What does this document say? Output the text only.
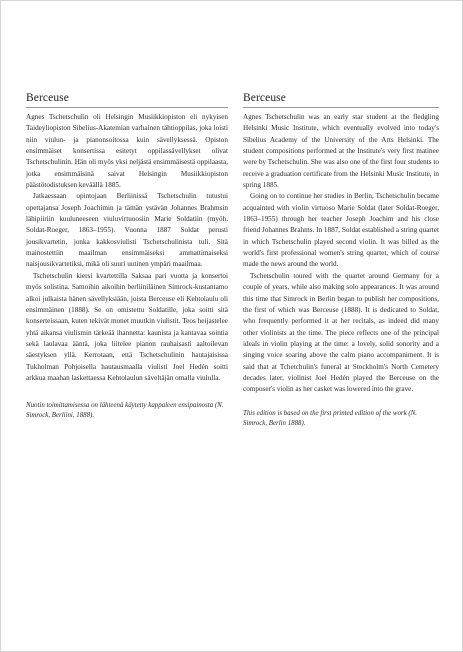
Berceuse

Agnes Tschetschulin oli Helsingin Musiikkiopiston eli nykyisen Taideyliopiston Sibelius-Akatemian varhainen tähtioppilas, joka loisti niin viulun- ja pianonsoitossa kuin sävellyksessä. Opiston ensimmäiset konsertissa esitetyt oppilassävellykset olivat Tschetschulinin. Hän oli myös yksi neljästä ensimmäisestä oppilaasta, jotka ensimmäisinä saivat Helsingin Musiikkiopiston päästötodistuksen keväällä 1885.

Jatkaessaan opintojaan Berliinissä Tschetschulin tutustui opettajansa Joseph Joachimin ja tämän ystävän Johannes Brahmsin lähipiiriin kuuluneeseen viuluvirtuoosiin Marie Soldatiin (myöh. Soldat-Roeger, 1863–1955). Vuonna 1887 Soldat perusti jousikvartetin, jonka kakkosviulisti Tschetschulinista tuli. Sitä mainostettiin maailman ensimmäiseksi ammattimaiseksi naisjousikvartetiksi, mikä oli suuri uutinen ympäri maailmaa.

Tschetschulin kiersi kvartettilla Saksaa pari vuotta ja konsertoi myös solistina. Samoihin aikoihin berliiniläinen Simrock-kustantamo alkoi julkaista hänen sävellyksiään, joista Berceuse eli Kehtolaulu oli ensimmäinen (1888). Se on omistettu Soldatille, joka soitti sitä konserteissaan, kuten tekivät monet muutkin viulistit. Teos heijastelee yhtä aikansa viulismin tärkeää ihannetta: kaunista ja kantavaa sointia sekä laulavaa ääntä, joka liitelee pianon rauhaisasti aaltoilevan säestyksen yllä. Kerrotaan, että Tschetschulinin hautajaisissa Tukholman Pohjoisella hautausmaalla viulisti Joel Hedén soitti arkkua maahan laskettaessa Kehtolaulun säveltäjän omalla viululla.

Nuotin toimittamisessa on lähteenä käytetty kappaleen ensipainosta (N. Simrock, Berliini, 1888).

Berceuse

Agnes Tschetschulin was an early star student at the fledgling Helsinki Music Institute, which eventually evolved into today's Sibelius Academy of the University of the Arts Helsinki. The student compositions performed at the Institute's very first matinee were by Tschetschulin. She was also one of the first four students to receive a graduation certificate from the Helsinki Music Institute, in spring 1885.

Going on to continue her studies in Berlin, Tschetschulin became acquainted with violin virtuoso Marie Soldat (later Soldat-Roeger, 1863–1955) through her teacher Joseph Joachim and his close friend Johannes Brahms. In 1887, Soldat established a string quartet in which Tschetschulin played second violin. It was billed as the world's first professional women's string quartet, which of course made the news around the world.

Tschetschulin toured with the quartet around Germany for a couple of years, while also making solo appearances. It was around this time that Simrock in Berlin began to publish her compositions, the first of which was Berceuse (1888). It is dedicated to Soldat, who frequently performed it at her recitals, as indeed did many other violinists at the time. The piece reflects one of the principal ideals in violin playing at the time: a lovely, solid sonority and a singing voice soaring above the calm piano accompaniment. It is said that at Tchetchulin's funeral at Stockholm's North Cemetery decades later, violinist Joel Hedén played the Berceuse on the composer's violin as her casket was lowered into the grave.

This edition is based on the first printed edition of the work (N. Simrock, Berlin 1888).
